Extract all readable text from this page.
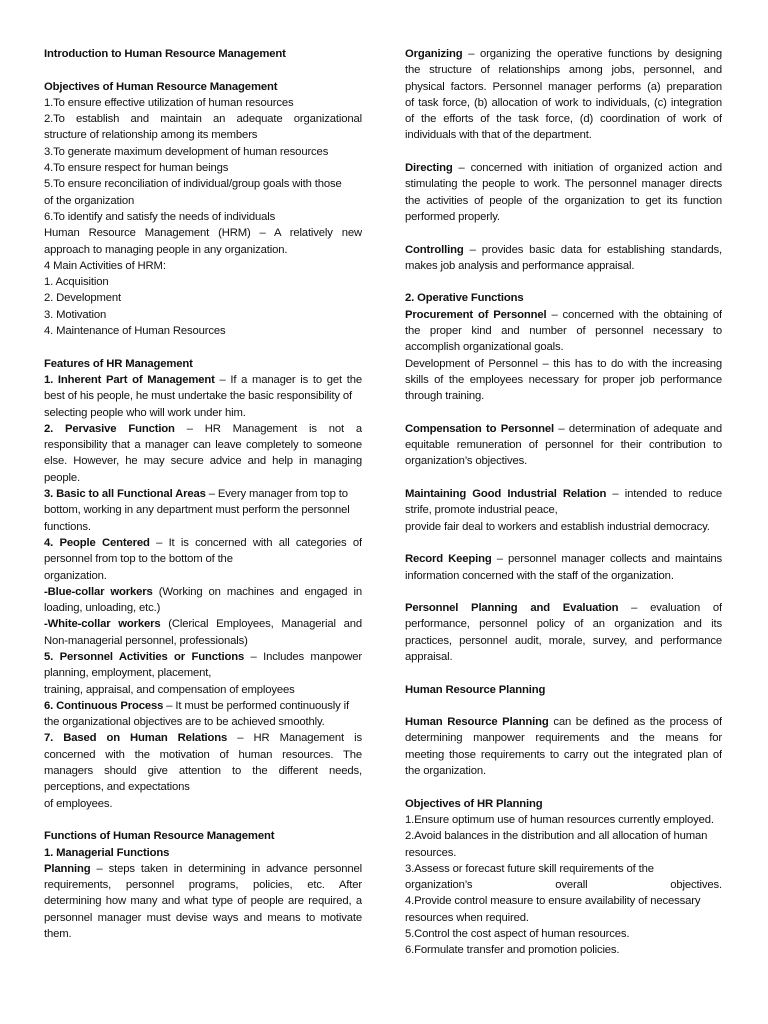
Introduction to Human Resource Management
Objectives of Human Resource Management
1.To ensure effective utilization of human resources
2.To establish and maintain an adequate organizational
structure of relationship among its members
3.To generate maximum development of human resources
4.To ensure respect for human beings
5.To ensure reconciliation of individual/group goals with those
of the organization
6.To identify and satisfy the needs of individuals
Human Resource Management (HRM) – A relatively new
approach to managing people in any organization.
4 Main Activities of HRM:
1. Acquisition
2. Development
3. Motivation
4. Maintenance of Human Resources
Features of HR Management
1. Inherent Part of Management – If a manager is to get the
best of his people, he must undertake the basic responsibility of
selecting people who will work under him.
2. Pervasive Function – HR Management is not a
responsibility that a manager can leave completely to someone
else. However, he may secure advice and help in managing
people.
3. Basic to all Functional Areas – Every manager from top to
bottom, working in any department must perform the personnel
functions.
4. People Centered – It is concerned with all categories of
personnel from top to the bottom of the
organization.
-Blue-collar workers (Working on machines and engaged in
loading, unloading, etc.)
-White-collar workers (Clerical Employees, Managerial and
Non-managerial personnel, professionals)
5. Personnel Activities or Functions – Includes manpower
planning, employment, placement,
training, appraisal, and compensation of employees
6. Continuous Process – It must be performed continuously if
the organizational objectives are to be achieved smoothly.
7. Based on Human Relations – HR Management is
concerned with the motivation of human resources. The
managers should give attention to the different needs,
perceptions, and expectations
of employees.
Functions of Human Resource Management
1. Managerial Functions
Planning – steps taken in determining in advance personnel
requirements, personnel programs, policies, etc. After
determining how many and what type of people are required, a
personnel manager must devise ways and means to motivate
them.
Organizing – organizing the operative functions by designing
the structure of relationships among jobs, personnel, and
physical factors. Personnel manager performs (a) preparation
of task force, (b) allocation of work to individuals, (c) integration
of the efforts of the task force, (d) coordination of work of
individuals with that of the department.
Directing – concerned with initiation of organized action and
stimulating the people to work. The personnel manager directs
the activities of people of the organization to get its function
performed properly.
Controlling – provides basic data for establishing standards,
makes job analysis and performance appraisal.
2. Operative Functions
Procurement of Personnel – concerned with the obtaining of
the proper kind and number of personnel necessary to
accomplish organizational goals.
Development of Personnel – this has to do with the increasing
skills of the employees necessary for proper job performance
through training.
Compensation to Personnel – determination of adequate and
equitable remuneration of personnel for their contribution to
organization’s objectives.
Maintaining Good Industrial Relation – intended to reduce
strife, promote industrial peace,
provide fair deal to workers and establish industrial democracy.
Record Keeping – personnel manager collects and maintains
information concerned with the staff of the organization.
Personnel Planning and Evaluation – evaluation of
performance, personnel policy of an organization and its
practices, personnel audit, morale, survey, and performance
appraisal.
Human Resource Planning
Human Resource Planning can be defined as the process of
determining manpower requirements and the means for
meeting those requirements to carry out the integrated plan of
the organization.
Objectives of HR Planning
1.Ensure optimum use of human resources currently employed.
2.Avoid balances in the distribution and all allocation of human
resources.
3.Assess or forecast future skill requirements of the
organization’s overall objectives.
4.Provide control measure to ensure availability of necessary
resources when required.
5.Control the cost aspect of human resources.
6.Formulate transfer and promotion policies.
